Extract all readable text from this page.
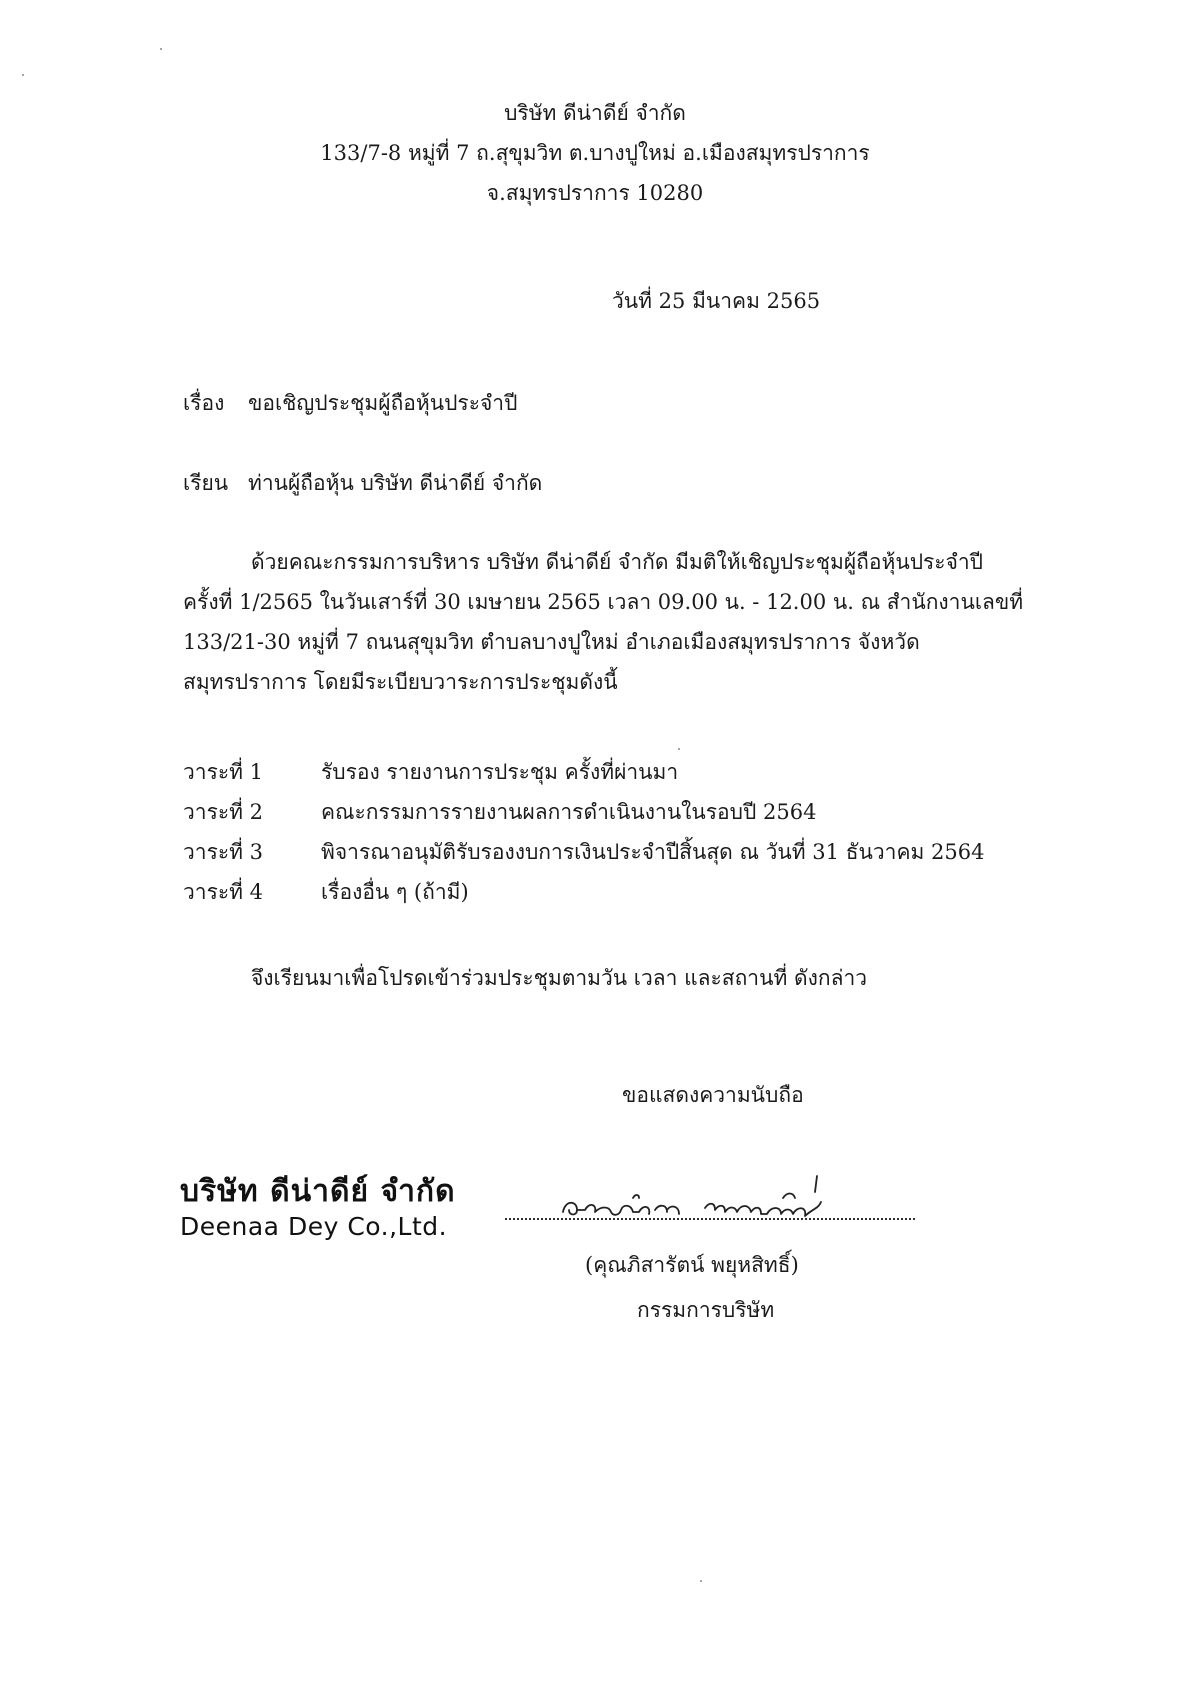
บริษัท ดีน่าดีย์ จำกัด
133/7-8 หมู่ที่ 7 ถ.สุขุมวิท ต.บางปูใหม่ อ.เมืองสมุทรปราการ
จ.สมุทรปราการ 10280
วันที่ 25 มีนาคม 2565
เรื่อง ขอเชิญประชุมผู้ถือหุ้นประจำปี
เรียน ท่านผู้ถือหุ้น บริษัท ดีน่าดีย์ จำกัด
ด้วยคณะกรรมการบริหาร บริษัท ดีน่าดีย์ จำกัด มีมติให้เชิญประชุมผู้ถือหุ้นประจำปี
ครั้งที่ 1/2565 ในวันเสาร์ที่ 30 เมษายน 2565 เวลา 09.00 น. - 12.00 น. ณ สำนักงานเลขที่
133/21-30 หมู่ที่ 7 ถนนสุขุมวิท ตำบลบางปูใหม่ อำเภอเมืองสมุทรปราการ จังหวัด
สมุทรปราการ โดยมีระเบียบวาระการประชุมดังนี้
วาระที่ 1	รับรอง รายงานการประชุม ครั้งที่ผ่านมา
วาระที่ 2	คณะกรรมการรายงานผลการดำเนินงานในรอบปี 2564
วาระที่ 3	พิจารณาอนุมัติรับรองงบการเงินประจำปีสิ้นสุด ณ วันที่ 31 ธันวาคม 2564
วาระที่ 4	เรื่องอื่น ๆ (ถ้ามี)
จึงเรียนมาเพื่อโปรดเข้าร่วมประชุมตามวัน เวลา และสถานที่ ดังกล่าว
ขอแสดงความนับถือ
บริษัท ดีน่าดีย์ จำกัด
Deenaa Dey Co.,Ltd.
(คุณภิสารัตน์ พยุหสิทธิ์)
กรรมการบริษัท
